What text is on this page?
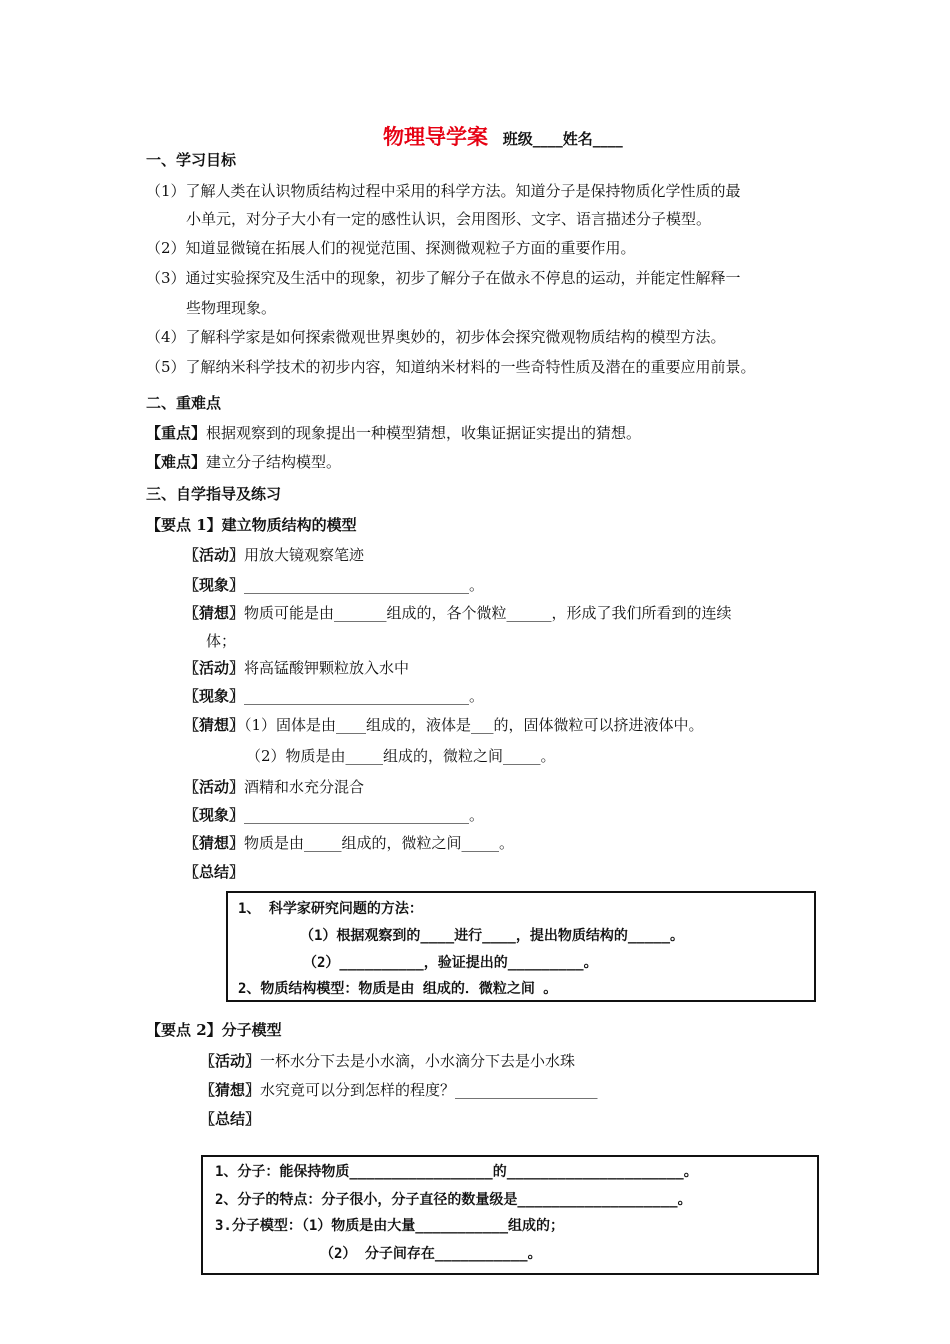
物理导学案 班级____姓名____
一、学习目标
（1）了解人类在认识物质结构过程中采用的科学方法。知道分子是保持物质化学性质的最
小单元，对分子大小有一定的感性认识，会用图形、文字、语言描述分子模型。
（2）知道显微镜在拓展人们的视觉范围、探测微观粒子方面的重要作用。
（3）通过实验探究及生活中的现象，初步了解分子在做永不停息的运动，并能定性解释一
些物理现象。
（4）了解科学家是如何探索微观世界奥妙的，初步体会探究微观物质结构的模型方法。
（5）了解纳米科学技术的初步内容，知道纳米材料的一些奇特性质及潜在的重要应用前景。
二、重难点
【重点】根据观察到的现象提出一种模型猜想，收集证据证实提出的猜想。
【难点】建立分子结构模型。
三、自学指导及练习
【要点 1】建立物质结构的模型
〖活动〗用放大镜观察笔迹
〖现象〗______________________________。
〖猜想〗物质可能是由_______组成的，各个微粒______，形成了我们所看到的连续
体；
〖活动〗将高锰酸钾颗粒放入水中
〖现象〗______________________________。
〖猜想〗（1）固体是由____组成的，液体是___的，固体微粒可以挤进液体中。
（2）物质是由_____组成的，微粒之间_____。
〖活动〗酒精和水充分混合
〖现象〗______________________________。
〖猜想〗物质是由_____组成的，微粒之间_____。
〖总结〗
1、 科学家研究问题的方法：
（1）根据观察到的____进行____，提出物质结构的_____。
（2）__________，验证提出的_________。
2、物质结构模型：物质是由 组成的．微粒之间 。
【要点 2】分子模型
〖活动〗一杯水分下去是小水滴，小水滴分下去是小水珠
〖猜想〗水究竟可以分到怎样的程度？___________________
〖总结〗
1、分子：能保持物质_________________的_____________________。
2、分子的特点：分子很小，分子直径的数量级是___________________。
3.分子模型：（1）物质是由大量___________组成的；
（2） 分子间存在___________。
